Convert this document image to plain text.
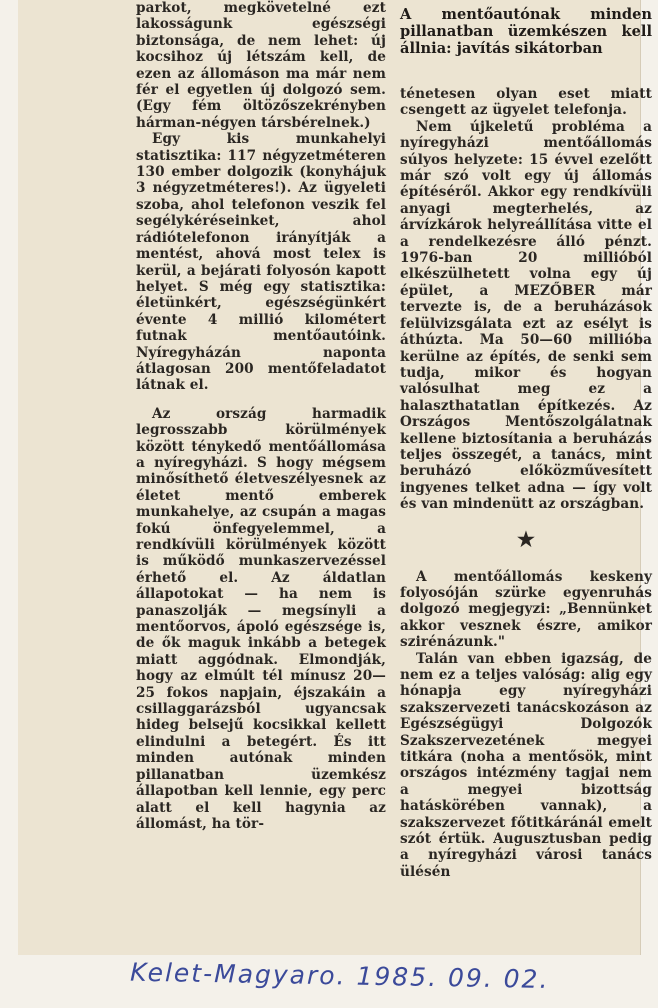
parkot, megkövetelné ezt lakosságunk egészségi biztonsága, de nem lehet: új kocsihoz új létszám kell, de ezen az állomáson ma már nem fér el egyetlen új dolgozó sem. (Egy fém öltözőszekrényben hárman-négyen társbérelnek.)

Egy kis munkahelyi statisztika: 117 négyzetméteren 130 ember dolgozik (konyhájuk 3 négyzetméteres!). Az ügyeleti szoba, ahol telefonon veszik fel segélykéréseinket, ahol rádiótelefonon irányítják a mentést, ahová most telex is kerül, a bejárati folyosón kapott helyet. S még egy statisztika: életünkért, egészségünkért évente 4 millió kilométert futnak mentőautóink. Nyíregyházán naponta átlagosan 200 mentőfeladatot látnak el.

Az ország harmadik legrosszabb körülmények között ténykedő mentőállomása a nyíregyházi. S hogy mégsem minősíthető életveszélyesnek az életet mentő emberek munkahelye, az csupán a magas fokú önfegyelemmel, a rendkívüli körülmények között is működő munkaszervezéssel érhető el. Az áldatlan állapotokat — ha nem is panaszolják — megsínyli a mentőorvos, ápoló egészsége is, de ők maguk inkább a betegek miatt aggódnak. Elmondják, hogy az elmúlt tél mínusz 20—25 fokos napjain, éjszakáin a csillaggarázsból ugyancsak hideg belsejű kocsikkal kellett elindulni a betegért. És itt minden autónak minden pillanatban üzemkész állapotban kell lennie, egy perc alatt el kell hagynia az állomást, ha tör-

A mentőautónak minden pillanatban üzemkészen kell állnia: javítás sikátorban

ténetesen olyan eset miatt csengett az ügyelet telefonja.

Nem újkeletű probléma a nyíregyházi mentőállomás súlyos helyzete: 15 évvel ezelőtt már szó volt egy új állomás építéséről. Akkor egy rendkívüli anyagi megterhelés, az árvízkárok helyreállítása vitte el a rendelkezésre álló pénzt. 1976-ban 20 millióból elkészülhetett volna egy új épület, a MEZŐBER már tervezte is, de a beruházások felülvizsgálata ezt az esélyt is áthúzta. Ma 50—60 millióba kerülne az építés, de senki sem tudja, mikor és hogyan valósulhat meg ez a halaszthatatlan építkezés. Az Országos Mentőszolgálatnak kellene biztosítania a beruházás teljes összegét, a tanács, mint beruházó előközművesített ingyenes telket adna — így volt és van mindenütt az országban.

★

A mentőállomás keskeny folyosóján szürke egyenruhás dolgozó megjegyzi: „Bennünket akkor vesznek észre, amikor szirénázunk."

Talán van ebben igazság, de nem ez a teljes valóság: alig egy hónapja egy nyíregyházi szakszervezeti tanácskozáson az Egészségügyi Dolgozók Szakszervezetének megyei titkára (noha a mentősök, mint országos intézmény tagjai nem a megyei bizottság hatáskörében vannak), a szakszervezet főtitkáránál emelt szót értük. Augusztusban pedig a nyíregyházi városi tanács ülésén

Kelet-Magyaro. 1985. 09. 02.
